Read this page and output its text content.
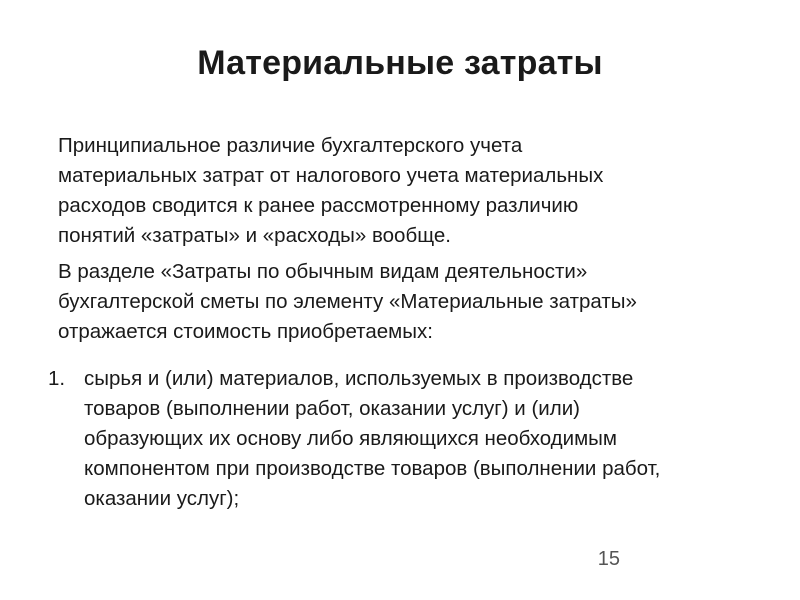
Материальные затраты

Принципиальное различие бухгалтерского учета
материальных затрат от налогового учета материальных
расходов сводится к ранее рассмотренному различию
понятий «затраты» и «расходы» вообще.

В разделе «Затраты по обычным видам деятельности»
бухгалтерской сметы по элементу «Материальные затраты»
отражается стоимость приобретаемых:

1. сырья и (или) материалов, используемых в производстве
товаров (выполнении работ, оказании услуг) и (или)
образующих их основу либо являющихся необходимым
компонентом при производстве товаров (выполнении работ,
оказании услуг);
15
